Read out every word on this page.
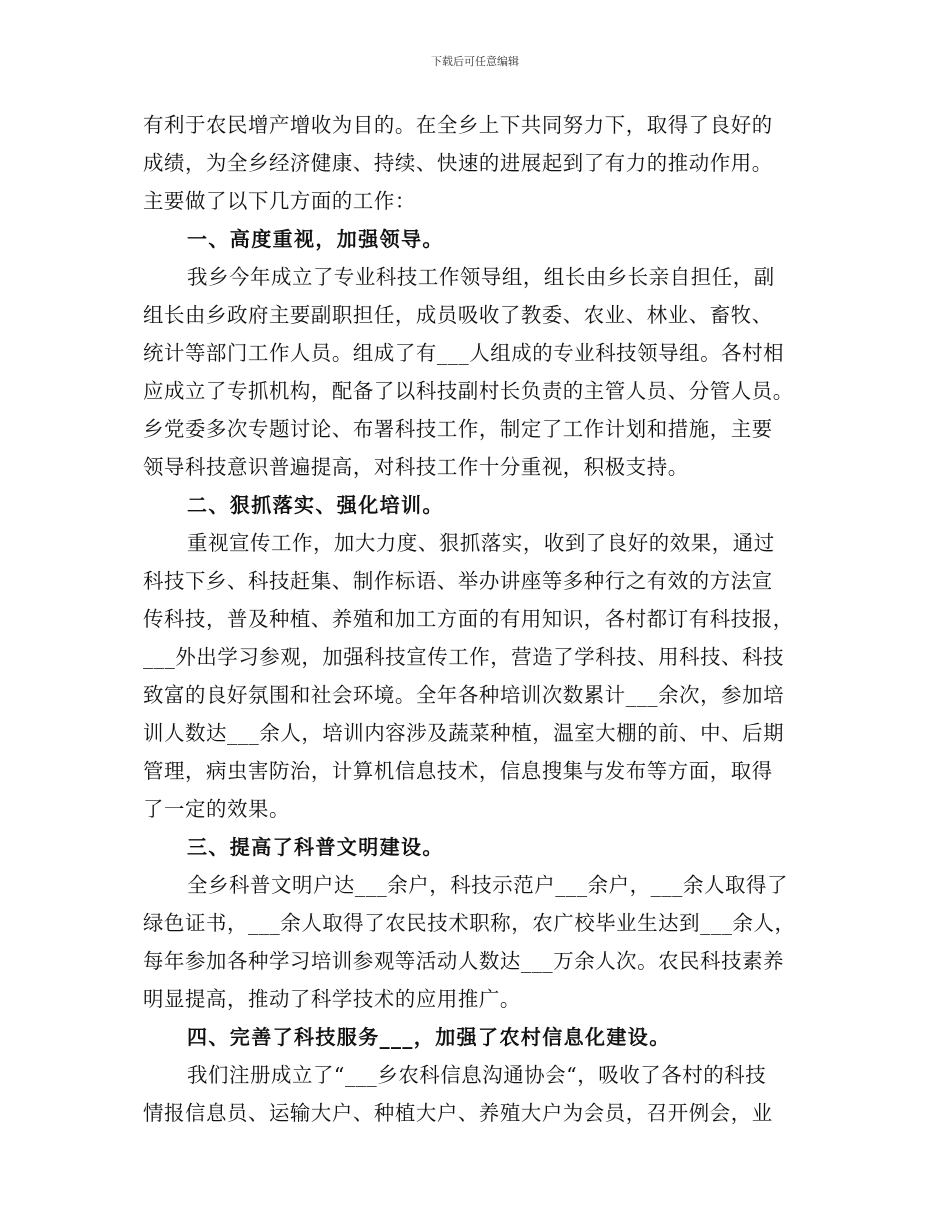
下载后可任意编辑
有利于农民增产增收为目的。在全乡上下共同努力下，取得了良好的
成绩，为全乡经济健康、持续、快速的进展起到了有力的推动作用。
主要做了以下几方面的工作：
一、高度重视，加强领导。
我乡今年成立了专业科技工作领导组，组长由乡长亲自担任，副
组长由乡政府主要副职担任，成员吸收了教委、农业、林业、畜牧、
统计等部门工作人员。组成了有___人组成的专业科技领导组。各村相
应成立了专抓机构，配备了以科技副村长负责的主管人员、分管人员。
乡党委多次专题讨论、布署科技工作，制定了工作计划和措施，主要
领导科技意识普遍提高，对科技工作十分重视，积极支持。
二、狠抓落实、强化培训。
重视宣传工作，加大力度、狠抓落实，收到了良好的效果，通过
科技下乡、科技赶集、制作标语、举办讲座等多种行之有效的方法宣
传科技，普及种植、养殖和加工方面的有用知识，各村都订有科技报，
___外出学习参观，加强科技宣传工作，营造了学科技、用科技、科技
致富的良好氛围和社会环境。全年各种培训次数累计___余次，参加培
训人数达___余人，培训内容涉及蔬菜种植，温室大棚的前、中、后期
管理，病虫害防治，计算机信息技术，信息搜集与发布等方面，取得
了一定的效果。
三、提高了科普文明建设。
全乡科普文明户达___余户，科技示范户___余户，___余人取得了
绿色证书，___余人取得了农民技术职称，农广校毕业生达到___余人，
每年参加各种学习培训参观等活动人数达___万余人次。农民科技素养
明显提高，推动了科学技术的应用推广。
四、完善了科技服务___，加强了农村信息化建设。
我们注册成立了“___乡农科信息沟通协会“，吸收了各村的科技
情报信息员、运输大户、种植大户、养殖大户为会员，召开例会，业
